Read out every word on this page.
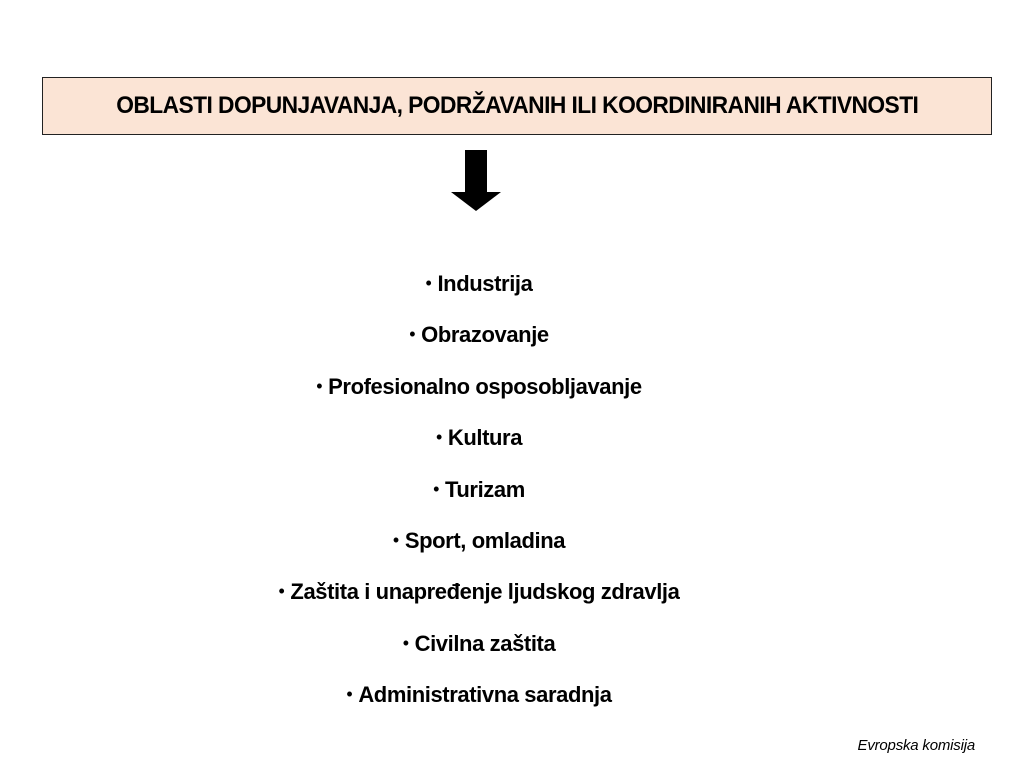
OBLASTI DOPUNJAVANJA, PODRŽAVANIH ILI KOORDINIRANIH AKTIVNOSTI
• Industrija
• Obrazovanje
• Profesionalno osposobljavanje
• Kultura
• Turizam
• Sport, omladina
• Zaštita i unapređenje ljudskog zdravlja
• Civilna zaštita
• Administrativna saradnja
Evropska komisija
